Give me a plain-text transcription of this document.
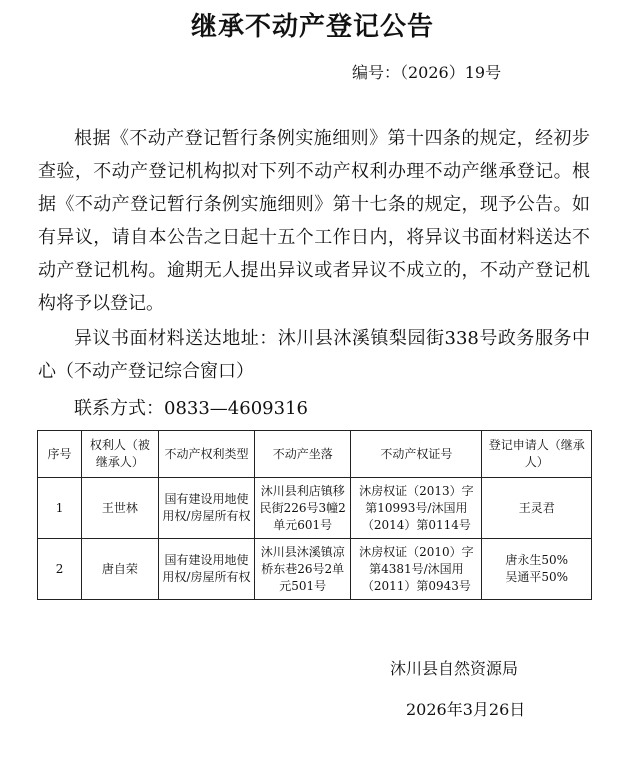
继承不动产登记公告
编号：（2026）19号

根据《不动产登记暂行条例实施细则》第十四条的规定，经初步查验，不动产登记机构拟对下列不动产权利办理不动产继承登记。根据《不动产登记暂行条例实施细则》第十七条的规定，现予公告。如有异议，请自本公告之日起十五个工作日内，将异议书面材料送达不动产登记机构。逾期无人提出异议或者异议不成立的，不动产登记机构将予以登记。

异议书面材料送达地址：沐川县沐溪镇梨园街338号政务服务中心（不动产登记综合窗口）

联系方式：0833—4609316

序号	权利人（被继承人）	不动产权利类型	不动产坐落	不动产权证号	登记申请人（继承人）
1	王世林	国有建设用地使用权/房屋所有权	沐川县利店镇移民街226号3幢2单元601号	沐房权证（2013）字第10993号/沐国用（2014）第0114号	王灵君

2	唐自荣	国有建设用地使用权/房屋所有权	沐川县沐溪镇凉桥东巷26号2单元501号	沐房权证（2010）字第4381号/沐国用（2011）第0943号	唐永生50%
吴通平50%
沐川县自然资源局
2026年3月26日
